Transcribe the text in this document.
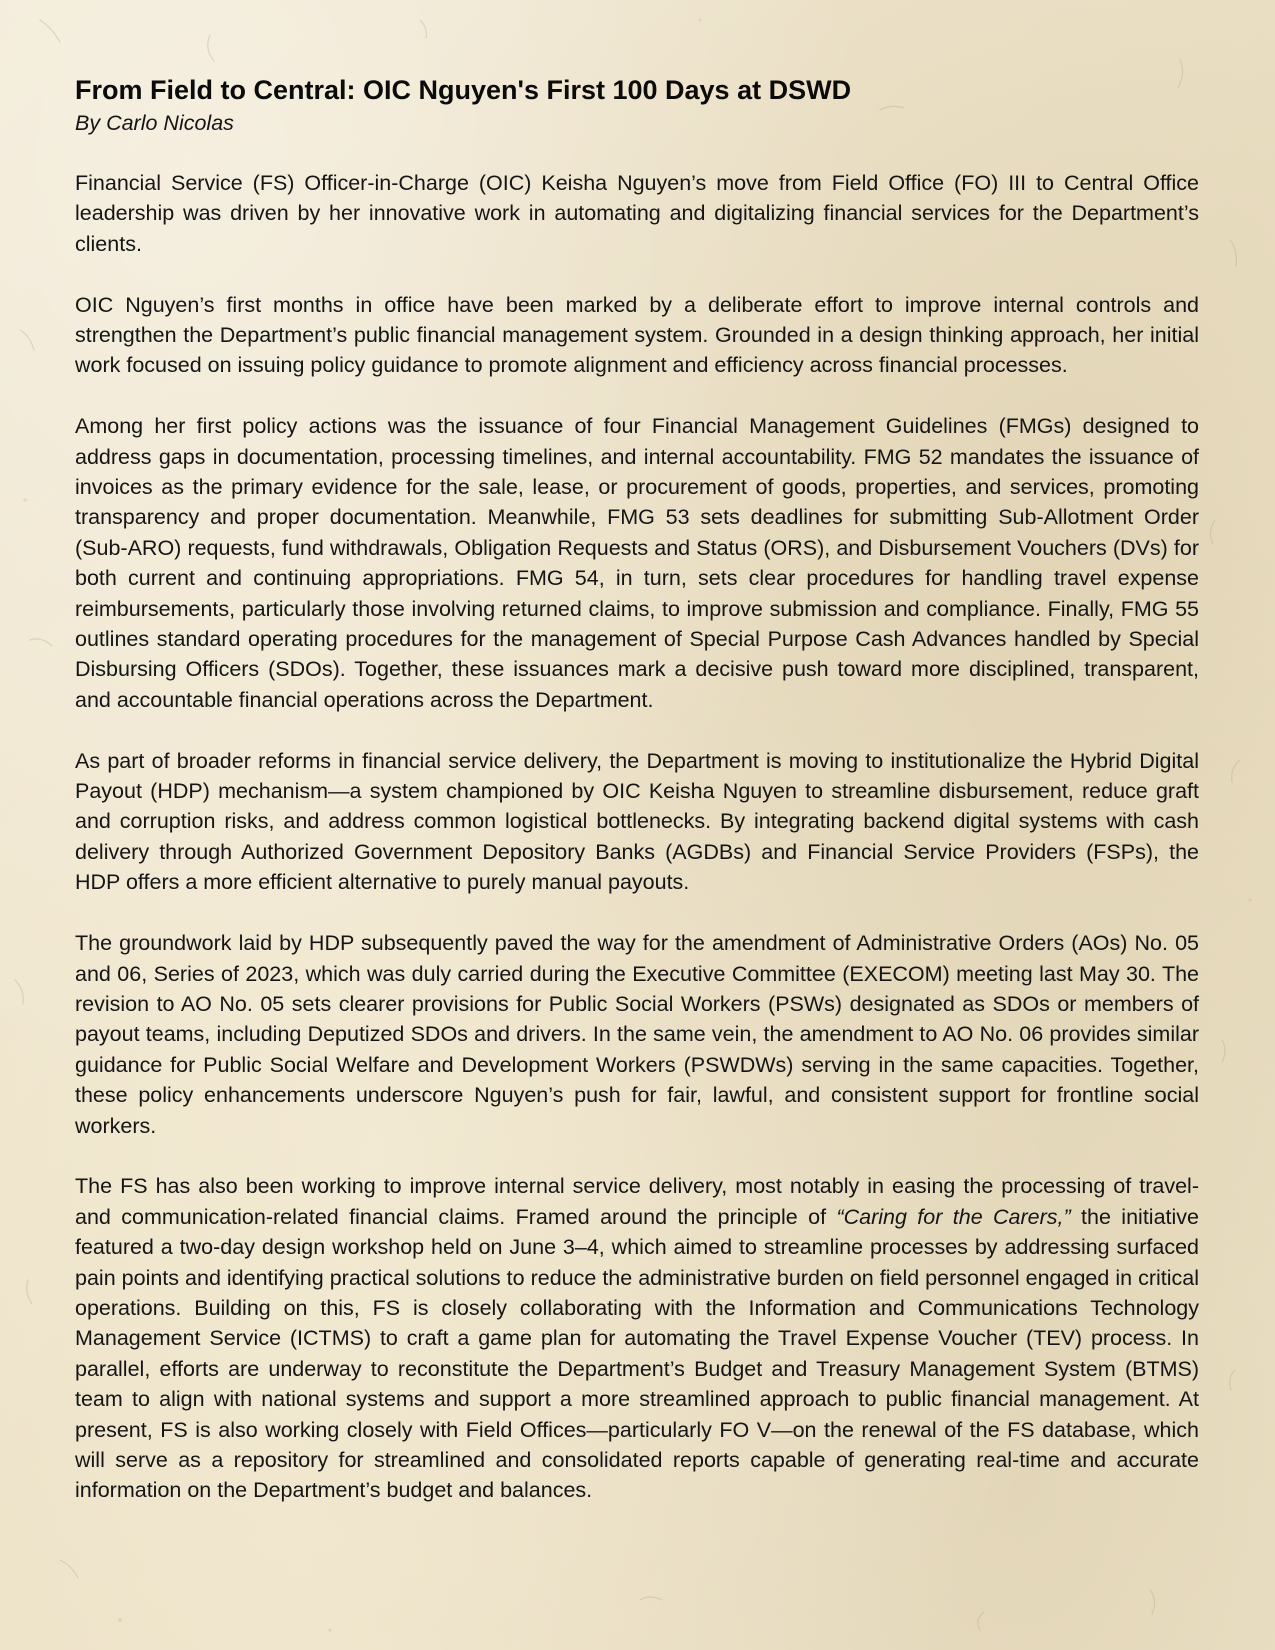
From Field to Central: OIC Nguyen's First 100 Days at DSWD

By Carlo Nicolas

Financial Service (FS) Officer-in-Charge (OIC) Keisha Nguyen’s move from Field Office (FO) III to Central Office leadership was driven by her innovative work in automating and digitalizing financial services for the Department’s clients.

OIC Nguyen’s first months in office have been marked by a deliberate effort to improve internal controls and strengthen the Department’s public financial management system. Grounded in a design thinking approach, her initial work focused on issuing policy guidance to promote alignment and efficiency across financial processes.

Among her first policy actions was the issuance of four Financial Management Guidelines (FMGs) designed to address gaps in documentation, processing timelines, and internal accountability. FMG 52 mandates the issuance of invoices as the primary evidence for the sale, lease, or procurement of goods, properties, and services, promoting transparency and proper documentation. Meanwhile, FMG 53 sets deadlines for submitting Sub-Allotment Order (Sub-ARO) requests, fund withdrawals, Obligation Requests and Status (ORS), and Disbursement Vouchers (DVs) for both current and continuing appropriations. FMG 54, in turn, sets clear procedures for handling travel expense reimbursements, particularly those involving returned claims, to improve submission and compliance. Finally, FMG 55 outlines standard operating procedures for the management of Special Purpose Cash Advances handled by Special Disbursing Officers (SDOs). Together, these issuances mark a decisive push toward more disciplined, transparent, and accountable financial operations across the Department.

As part of broader reforms in financial service delivery, the Department is moving to institutionalize the Hybrid Digital Payout (HDP) mechanism—a system championed by OIC Keisha Nguyen to streamline disbursement, reduce graft and corruption risks, and address common logistical bottlenecks. By integrating backend digital systems with cash delivery through Authorized Government Depository Banks (AGDBs) and Financial Service Providers (FSPs), the HDP offers a more efficient alternative to purely manual payouts.

The groundwork laid by HDP subsequently paved the way for the amendment of Administrative Orders (AOs) No. 05 and 06, Series of 2023, which was duly carried during the Executive Committee (EXECOM) meeting last May 30. The revision to AO No. 05 sets clearer provisions for Public Social Workers (PSWs) designated as SDOs or members of payout teams, including Deputized SDOs and drivers. In the same vein, the amendment to AO No. 06 provides similar guidance for Public Social Welfare and Development Workers (PSWDWs) serving in the same capacities. Together, these policy enhancements underscore Nguyen’s push for fair, lawful, and consistent support for frontline social workers.

The FS has also been working to improve internal service delivery, most notably in easing the processing of travel- and communication-related financial claims. Framed around the principle of “Caring for the Carers,” the initiative featured a two-day design workshop held on June 3–4, which aimed to streamline processes by addressing surfaced pain points and identifying practical solutions to reduce the administrative burden on field personnel engaged in critical operations. Building on this, FS is closely collaborating with the Information and Communications Technology Management Service (ICTMS) to craft a game plan for automating the Travel Expense Voucher (TEV) process. In parallel, efforts are underway to reconstitute the Department’s Budget and Treasury Management System (BTMS) team to align with national systems and support a more streamlined approach to public financial management. At present, FS is also working closely with Field Offices—particularly FO V—on the renewal of the FS database, which will serve as a repository for streamlined and consolidated reports capable of generating real-time and accurate information on the Department’s budget and balances.
